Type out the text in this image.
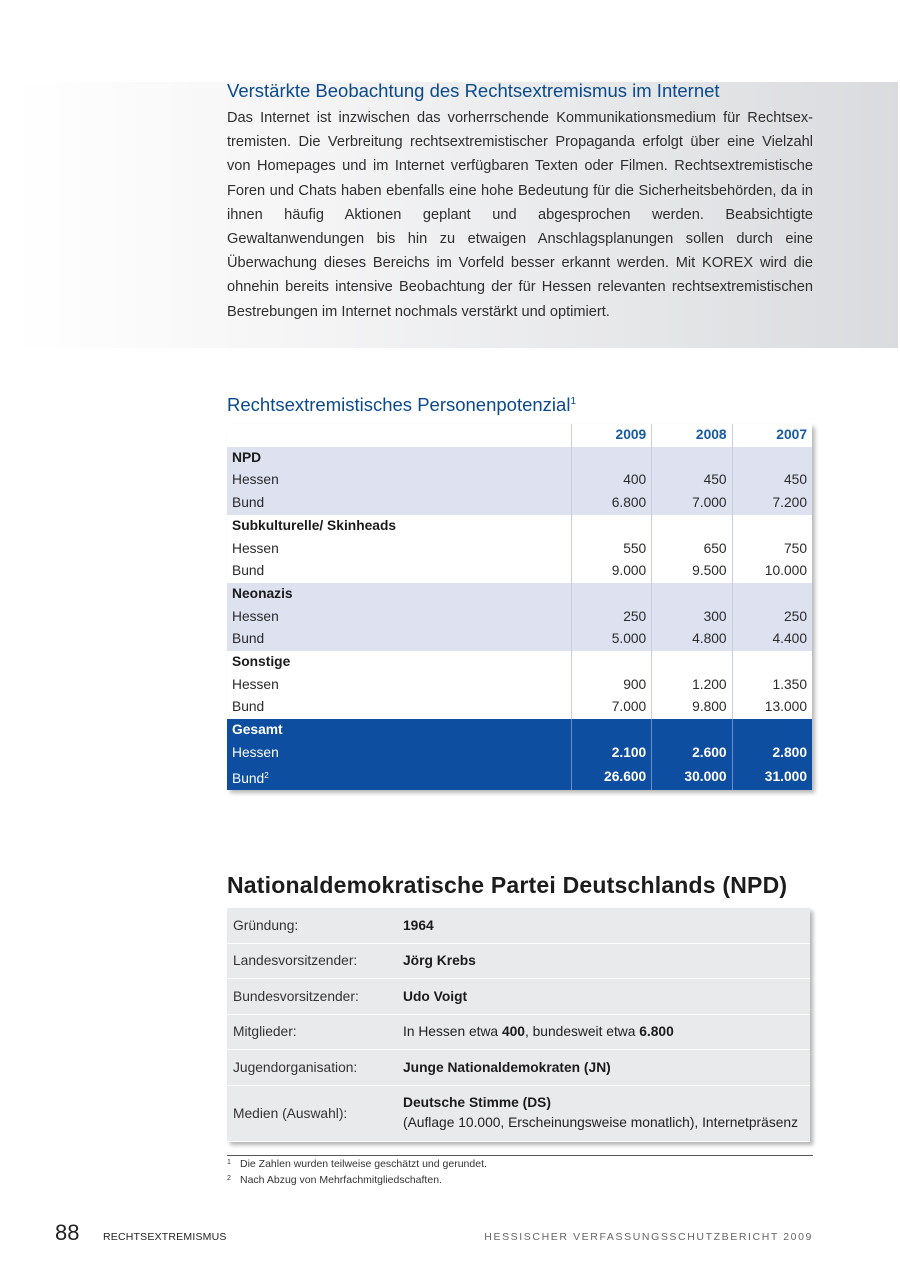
Verstärkte Beobachtung des Rechtsextremismus im Internet

Das Internet ist inzwischen das vorherrschende Kommunikationsmedium für Rechtsextremisten. Die Verbreitung rechtsextremistischer Propaganda erfolgt über eine Vielzahl von Homepages und im Internet verfügbaren Texten oder Filmen. Rechtsextremistische Foren und Chats haben ebenfalls eine hohe Bedeutung für die Sicherheitsbehörden, da in ihnen häufig Aktionen geplant und abgesprochen werden. Beabsichtigte Gewaltanwendungen bis hin zu etwaigen Anschlagsplanungen sollen durch eine Überwachung dieses Bereichs im Vorfeld besser erkannt werden. Mit KOREX wird die ohnehin bereits intensive Beobachtung der für Hessen relevanten rechtsextremistischen Bestrebungen im Internet nochmals verstärkt und optimiert.

Rechtsextremistisches Personenpotenzial$^1$
	2009	2008	2007
NPD			
Hessen	400	450	450
Bund	6.800	7.000	7.200
Subkulturelle/ Skinheads			
Hessen	550	650	750
Bund	9.000	9.500	10.000
Neonazis			
Hessen	250	300	250
Bund	5.000	4.800	4.400
Sonstige			
Hessen	900	1.200	1.350
Bund	7.000	9.800	13.000
Gesamt			
Hessen	2.100	2.600	2.800
Bund$^2$	26.600	30.000	31.000
Nationaldemokratische Partei Deutschlands (NPD)
Gründung:	1964
Landesvorsitzender:	Jörg Krebs
Bundesvorsitzender:	Udo Voigt
Mitglieder:	In Hessen etwa 400, bundesweit etwa 6.800
Jugendorganisation:	Junge Nationaldemokraten (JN)
Medien (Auswahl):	Deutsche Stimme (DS)
(Auflage 10.000, Erscheinungsweise monatlich), Internetpräsenz
1 Die Zahlen wurden teilweise geschätzt und gerundet.
2 Nach Abzug von Mehrfachmitgliedschaften.
88 RECHTSEXTREMISMUS	HESSISCHER VERFASSUNGSSCHUTZBERICHT 2009
